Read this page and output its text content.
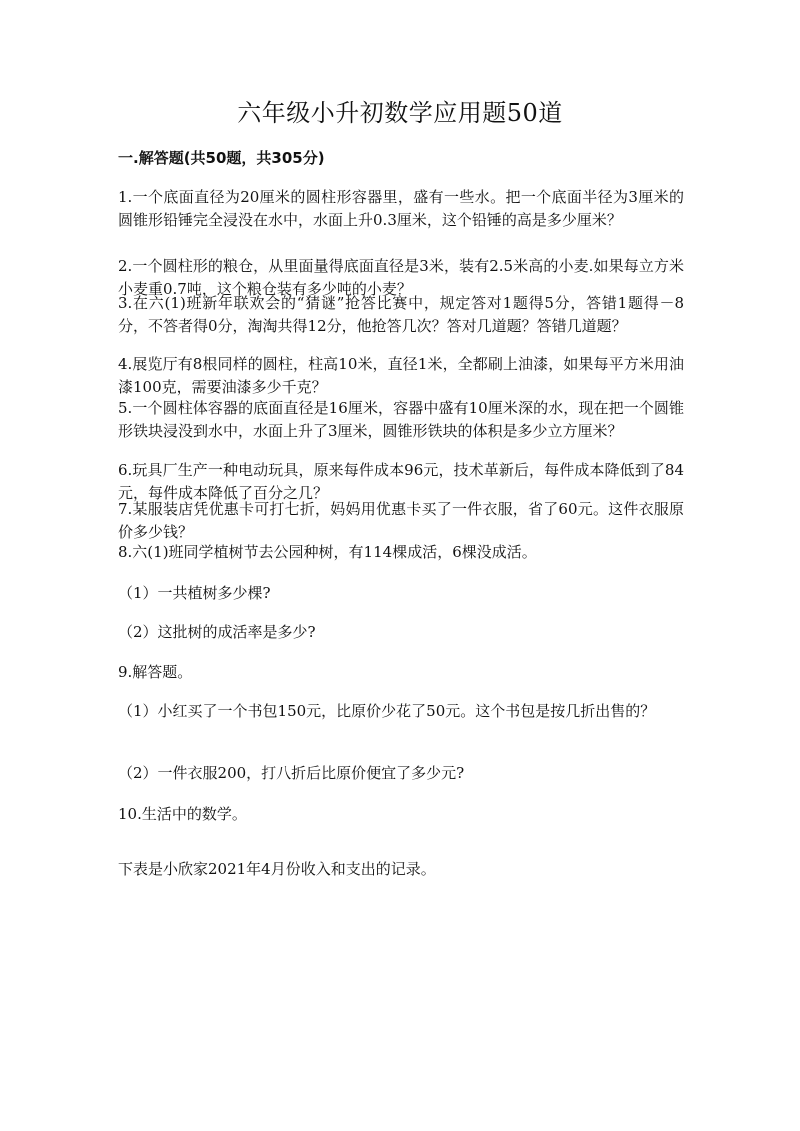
六年级小升初数学应用题50道
一.解答题(共50题，共305分)
1.一个底面直径为20厘米的圆柱形容器里，盛有一些水。把一个底面半径为3厘米的圆锥形铅锤完全浸没在水中，水面上升0.3厘米，这个铅锤的高是多少厘米？
2.一个圆柱形的粮仓，从里面量得底面直径是3米，装有2.5米高的小麦.如果每立方米小麦重0.7吨，这个粮仓装有多少吨的小麦？
3.在六(1)班新年联欢会的“猜谜”抢答比赛中，规定答对1题得5分，答错1题得－8分，不答者得0分，淘淘共得12分，他抢答几次？答对几道题？答错几道题？
4.展览厅有8根同样的圆柱，柱高10米，直径1米，全都刷上油漆，如果每平方米用油漆100克，需要油漆多少千克？
5.一个圆柱体容器的底面直径是16厘米，容器中盛有10厘米深的水，现在把一个圆锥形铁块浸没到水中，水面上升了3厘米，圆锥形铁块的体积是多少立方厘米？
6.玩具厂生产一种电动玩具，原来每件成本96元，技术革新后，每件成本降低到了84元，每件成本降低了百分之几？
7.某服装店凭优惠卡可打七折，妈妈用优惠卡买了一件衣服，省了60元。这件衣服原价多少钱？
8.六(1)班同学植树节去公园种树，有114棵成活，6棵没成活。
（1）一共植树多少棵?
（2）这批树的成活率是多少?
9.解答题。
（1）小红买了一个书包150元，比原价少花了50元。这个书包是按几折出售的？
（2）一件衣服200，打八折后比原价便宜了多少元?
10.生活中的数学。
下表是小欣家2021年4月份收入和支出的记录。
